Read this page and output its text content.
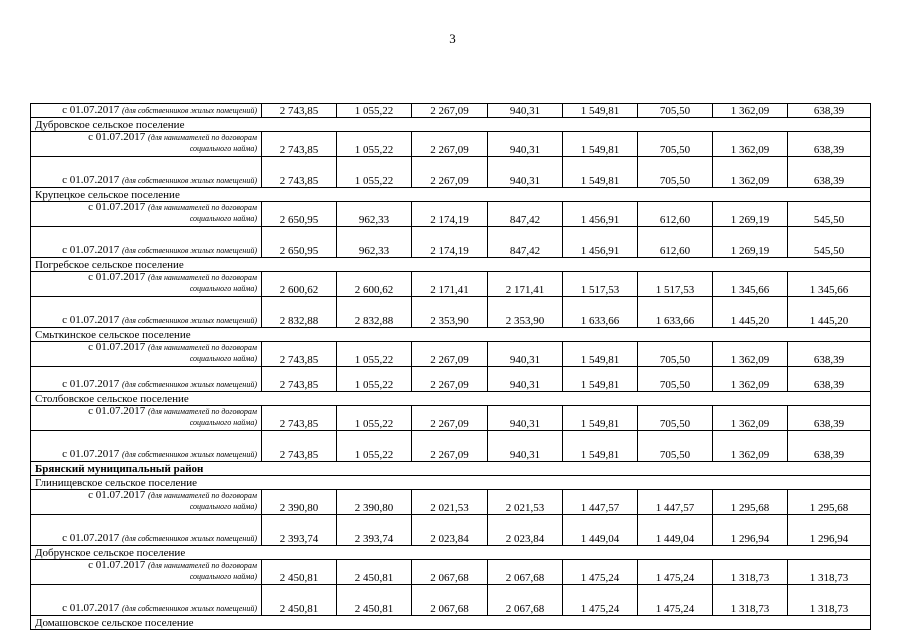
3
с 01.07.2017 (для собственников жилых помещений)	2 743,85	1 055,22	2 267,09	940,31	1 549,81	705,50	1 362,09	638,39
Дубровское сельское поселение								
с 01.07.2017 (для нанимателей по договорам
социального найма)	2 743,85	1 055,22	2 267,09	940,31	1 549,81	705,50	1 362,09	638,39
с 01.07.2017 (для собственников жилых помещений)	2 743,85	1 055,22	2 267,09	940,31	1 549,81	705,50	1 362,09	638,39
Крупецкое сельское поселение								
с 01.07.2017 (для нанимателей по договорам
социального найма)	2 650,95	962,33	2 174,19	847,42	1 456,91	612,60	1 269,19	545,50
с 01.07.2017 (для собственников жилых помещений)	2 650,95	962,33	2 174,19	847,42	1 456,91	612,60	1 269,19	545,50
Погребское сельское поселение								
с 01.07.2017 (для нанимателей по договорам
социального найма)	2 600,62	2 600,62	2 171,41	2 171,41	1 517,53	1 517,53	1 345,66	1 345,66
с 01.07.2017 (для собственников жилых помещений)	2 832,88	2 832,88	2 353,90	2 353,90	1 633,66	1 633,66	1 445,20	1 445,20
Смьткинское сельское поселение								
с 01.07.2017 (для нанимателей по договорам
социального найма)	2 743,85	1 055,22	2 267,09	940,31	1 549,81	705,50	1 362,09	638,39
с 01.07.2017 (для собственников жилых помещений)	2 743,85	1 055,22	2 267,09	940,31	1 549,81	705,50	1 362,09	638,39
Столбовское сельское поселение								
с 01.07.2017 (для нанимателей по договорам
социального найма)	2 743,85	1 055,22	2 267,09	940,31	1 549,81	705,50	1 362,09	638,39
с 01.07.2017 (для собственников жилых помещений)	2 743,85	1 055,22	2 267,09	940,31	1 549,81	705,50	1 362,09	638,39
Брянский муниципальный район								
Глинищевское сельское поселение								
с 01.07.2017 (для нанимателей по договорам
социального найма)	2 390,80	2 390,80	2 021,53	2 021,53	1 447,57	1 447,57	1 295,68	1 295,68
с 01.07.2017 (для собственников жилых помещений)	2 393,74	2 393,74	2 023,84	2 023,84	1 449,04	1 449,04	1 296,94	1 296,94
Добрунское сельское поселение								
с 01.07.2017 (для нанимателей по договорам
социального найма)	2 450,81	2 450,81	2 067,68	2 067,68	1 475,24	1 475,24	1 318,73	1 318,73
с 01.07.2017 (для собственников жилых помещений)	2 450,81	2 450,81	2 067,68	2 067,68	1 475,24	1 475,24	1 318,73	1 318,73
Домашовское сельское поселение								
